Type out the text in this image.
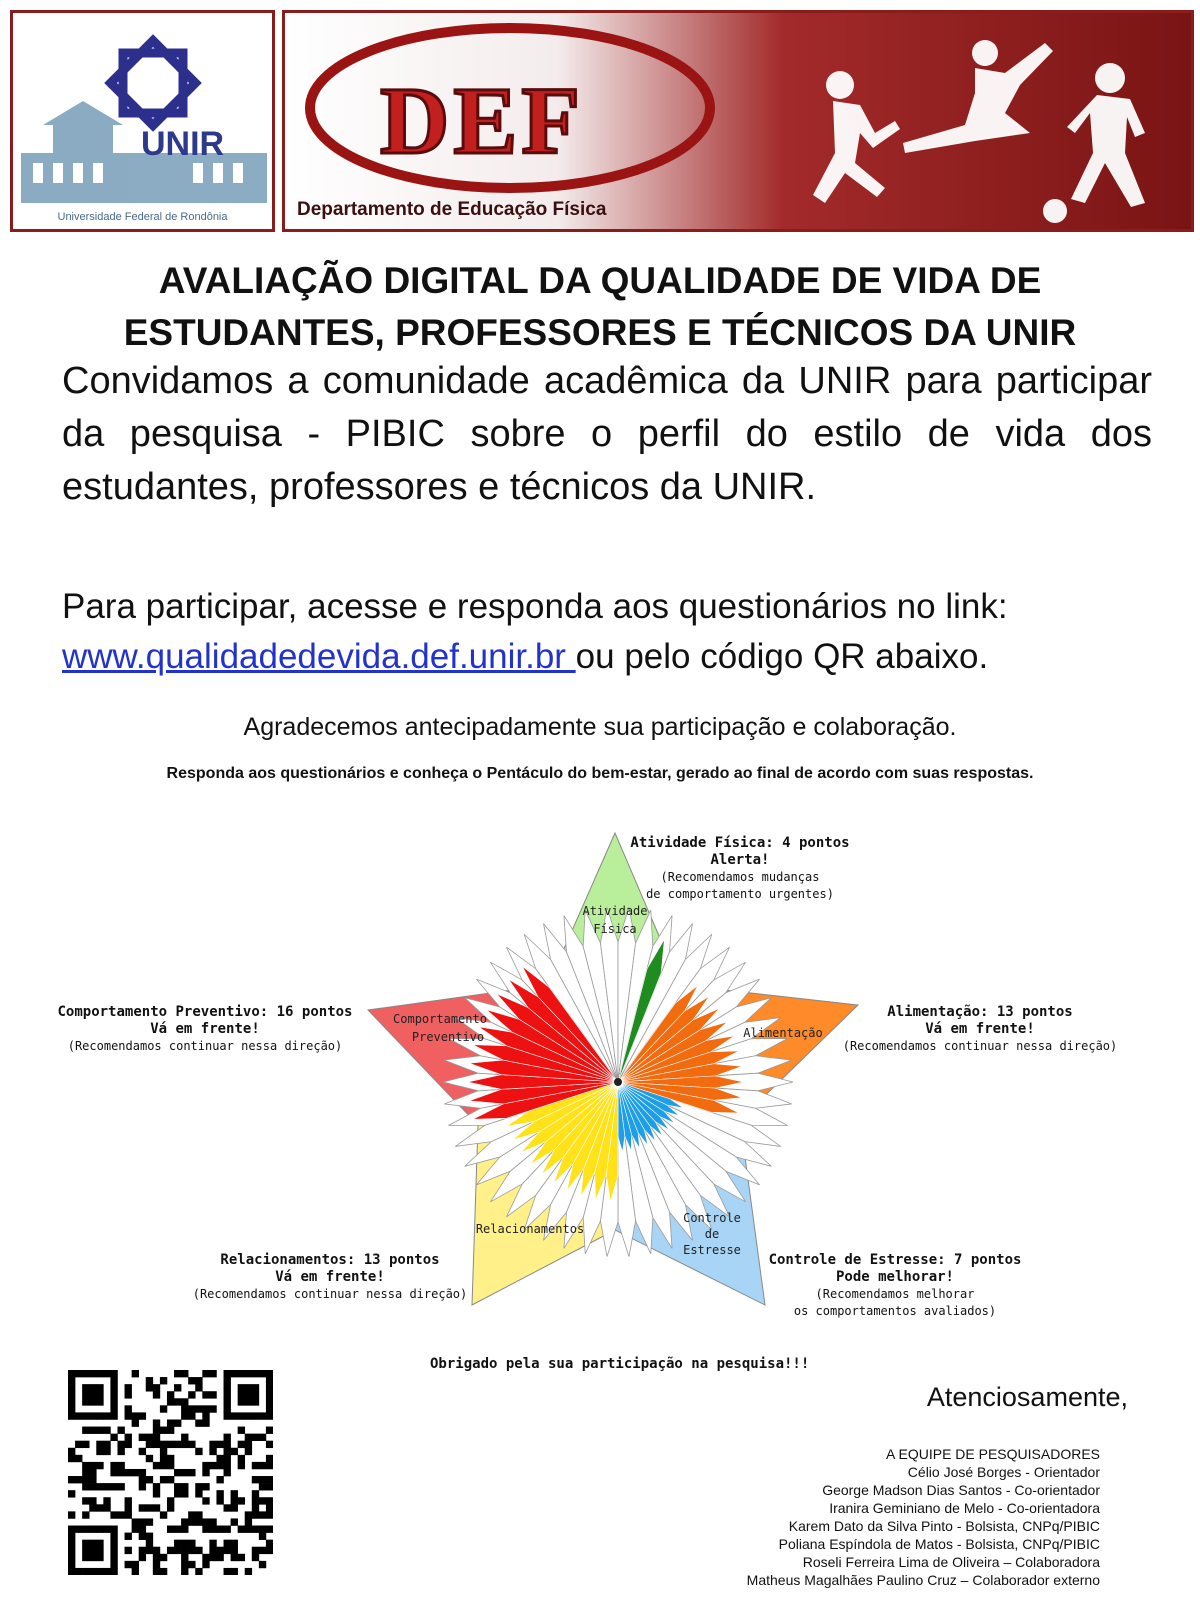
UNIR
Universidade Federal de Rondônia
DEF
Departamento de Educação Física
AVALIAÇÃO DIGITAL DA QUALIDADE DE VIDA DE
ESTUDANTES, PROFESSORES E TÉCNICOS DA UNIR
Convidamos a comunidade acadêmica da UNIR para participar da pesquisa - PIBIC sobre o perfil do estilo de vida dos estudantes, professores e técnicos da UNIR.
Para participar, acesse e responda aos questionários no link: www.qualidadedevida.def.unir.br ou pelo código QR abaixo.
Agradecemos antecipadamente sua participação e colaboração.
Responda aos questionários e conheça o Pentáculo do bem-estar, gerado ao final de acordo com suas respostas.
Atividade
Física
Alimentação
Controle
de
Estresse
Relacionamentos
Comportamento
Preventivo
Atividade Física: 4 pontos
Alerta!
(Recomendamos mudanças
de comportamento urgentes)
Alimentação: 13 pontos
Vá em frente!
(Recomendamos continuar nessa direção)
Comportamento Preventivo: 16 pontos
Vá em frente!
(Recomendamos continuar nessa direção)
Relacionamentos: 13 pontos
Vá em frente!
(Recomendamos continuar nessa direção)
Controle de Estresse: 7 pontos
Pode melhorar!
(Recomendamos melhorar
os comportamentos avaliados)
Obrigado pela sua participação na pesquisa!!!
Atenciosamente,
A EQUIPE DE PESQUISADORES
Célio José Borges - Orientador
George Madson Dias Santos - Co-orientador
Iranira Geminiano de Melo - Co-orientadora
Karem Dato da Silva Pinto - Bolsista, CNPq/PIBIC
Poliana Espíndola de Matos - Bolsista, CNPq/PIBIC
Roseli Ferreira Lima de Oliveira – Colaboradora
Matheus Magalhães Paulino Cruz – Colaborador externo
